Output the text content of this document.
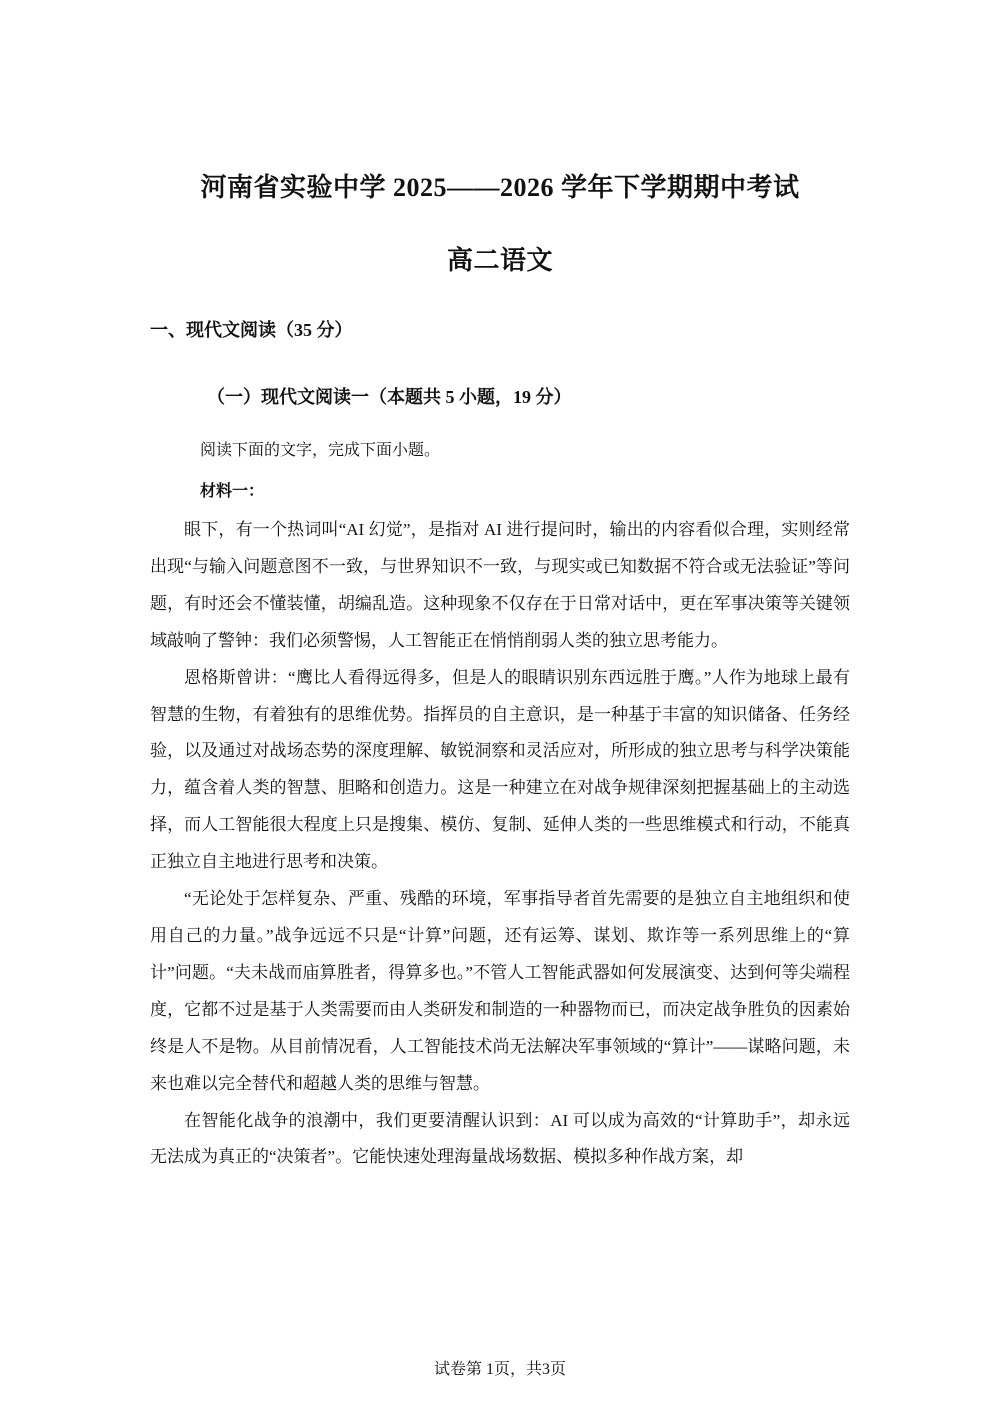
河南省实验中学 2025——2026 学年下学期期中考试
高二语文
一、现代文阅读（35 分）
（一）现代文阅读一（本题共 5 小题，19 分）
阅读下面的文字，完成下面小题。
材料一：

眼下，有一个热词叫“AI 幻觉”，是指对 AI 进行提问时，输出的内容看似合理，实则经常出现“与输入问题意图不一致，与世界知识不一致，与现实或已知数据不符合或无法验证”等问题，有时还会不懂装懂，胡编乱造。这种现象不仅存在于日常对话中，更在军事决策等关键领域敲响了警钟：我们必须警惕，人工智能正在悄悄削弱人类的独立思考能力。

恩格斯曾讲：“鹰比人看得远得多，但是人的眼睛识别东西远胜于鹰。”人作为地球上最有智慧的生物，有着独有的思维优势。指挥员的自主意识，是一种基于丰富的知识储备、任务经验，以及通过对战场态势的深度理解、敏锐洞察和灵活应对，所形成的独立思考与科学决策能力，蕴含着人类的智慧、胆略和创造力。这是一种建立在对战争规律深刻把握基础上的主动选择，而人工智能很大程度上只是搜集、模仿、复制、延伸人类的一些思维模式和行动，不能真正独立自主地进行思考和决策。

“无论处于怎样复杂、严重、残酷的环境，军事指导者首先需要的是独立自主地组织和使用自己的力量。”战争远远不只是“计算”问题，还有运筹、谋划、欺诈等一系列思维上的“算计”问题。“夫未战而庙算胜者，得算多也。”不管人工智能武器如何发展演变、达到何等尖端程度，它都不过是基于人类需要而由人类研发和制造的一种器物而已，而决定战争胜负的因素始终是人不是物。从目前情况看，人工智能技术尚无法解决军事领域的“算计”——谋略问题，未来也难以完全替代和超越人类的思维与智慧。

在智能化战争的浪潮中，我们更要清醒认识到：AI 可以成为高效的“计算助手”，却永远无法成为真正的“决策者”。它能快速处理海量战场数据、模拟多种作战方案，却

试卷第 1页，共3页
